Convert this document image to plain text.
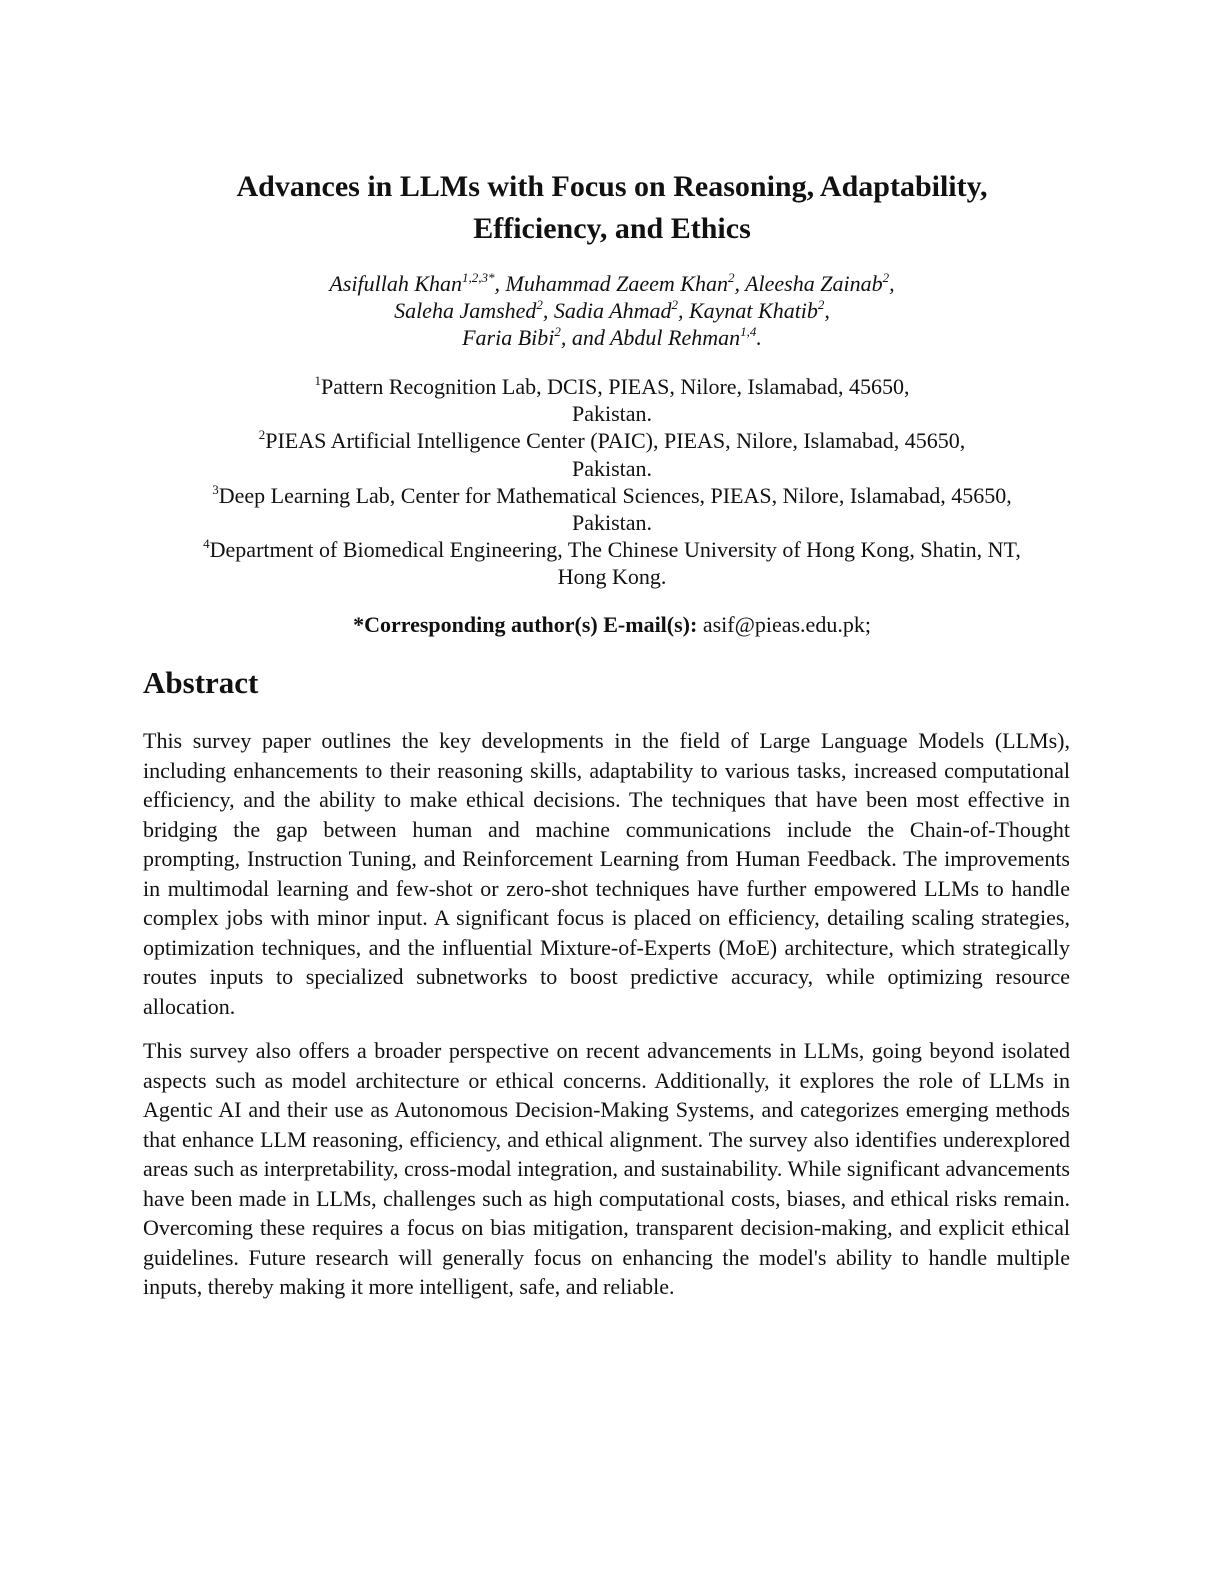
Advances in LLMs with Focus on Reasoning, Adaptability,
Efficiency, and Ethics
Asifullah Khan$^{1,2,3*}$, Muhammad Zaeem Khan$^2$, Aleesha Zainab$^2$,
Saleha Jamshed$^2$, Sadia Ahmad$^2$, Kaynat Khatib$^2$,
Faria Bibi$^2$, and Abdul Rehman$^{1,4}$.
$^1$Pattern Recognition Lab, DCIS, PIEAS, Nilore, Islamabad, 45650,
Pakistan.
$^2$PIEAS Artificial Intelligence Center (PAIC), PIEAS, Nilore, Islamabad, 45650,
Pakistan.
$^3$Deep Learning Lab, Center for Mathematical Sciences, PIEAS, Nilore, Islamabad, 45650,
Pakistan.
$^4$Department of Biomedical Engineering, The Chinese University of Hong Kong, Shatin, NT,
Hong Kong.
*Corresponding author(s) E-mail(s): asif@pieas.edu.pk;
Abstract
This survey paper outlines the key developments in the field of Large Language Models (LLMs), including enhancements to their reasoning skills, adaptability to various tasks, increased computational efficiency, and the ability to make ethical decisions. The techniques that have been most effective in bridging the gap between human and machine communications include the Chain-of-Thought prompting, Instruction Tuning, and Reinforcement Learning from Human Feedback. The improvements in multimodal learning and few-shot or zero-shot techniques have further empowered LLMs to handle complex jobs with minor input. A significant focus is placed on efficiency, detailing scaling strategies, optimization techniques, and the influential Mixture-of-Experts (MoE) architecture, which strategically routes inputs to specialized subnetworks to boost predictive accuracy, while optimizing resource allocation.
This survey also offers a broader perspective on recent advancements in LLMs, going beyond isolated aspects such as model architecture or ethical concerns. Additionally, it explores the role of LLMs in Agentic AI and their use as Autonomous Decision-Making Systems, and categorizes emerging methods that enhance LLM reasoning, efficiency, and ethical alignment. The survey also identifies underexplored areas such as interpretability, cross-modal integration, and sustainability. While significant advancements have been made in LLMs, challenges such as high computational costs, biases, and ethical risks remain. Overcoming these requires a focus on bias mitigation, transparent decision-making, and explicit ethical guidelines. Future research will generally focus on enhancing the model's ability to handle multiple inputs, thereby making it more intelligent, safe, and reliable.
